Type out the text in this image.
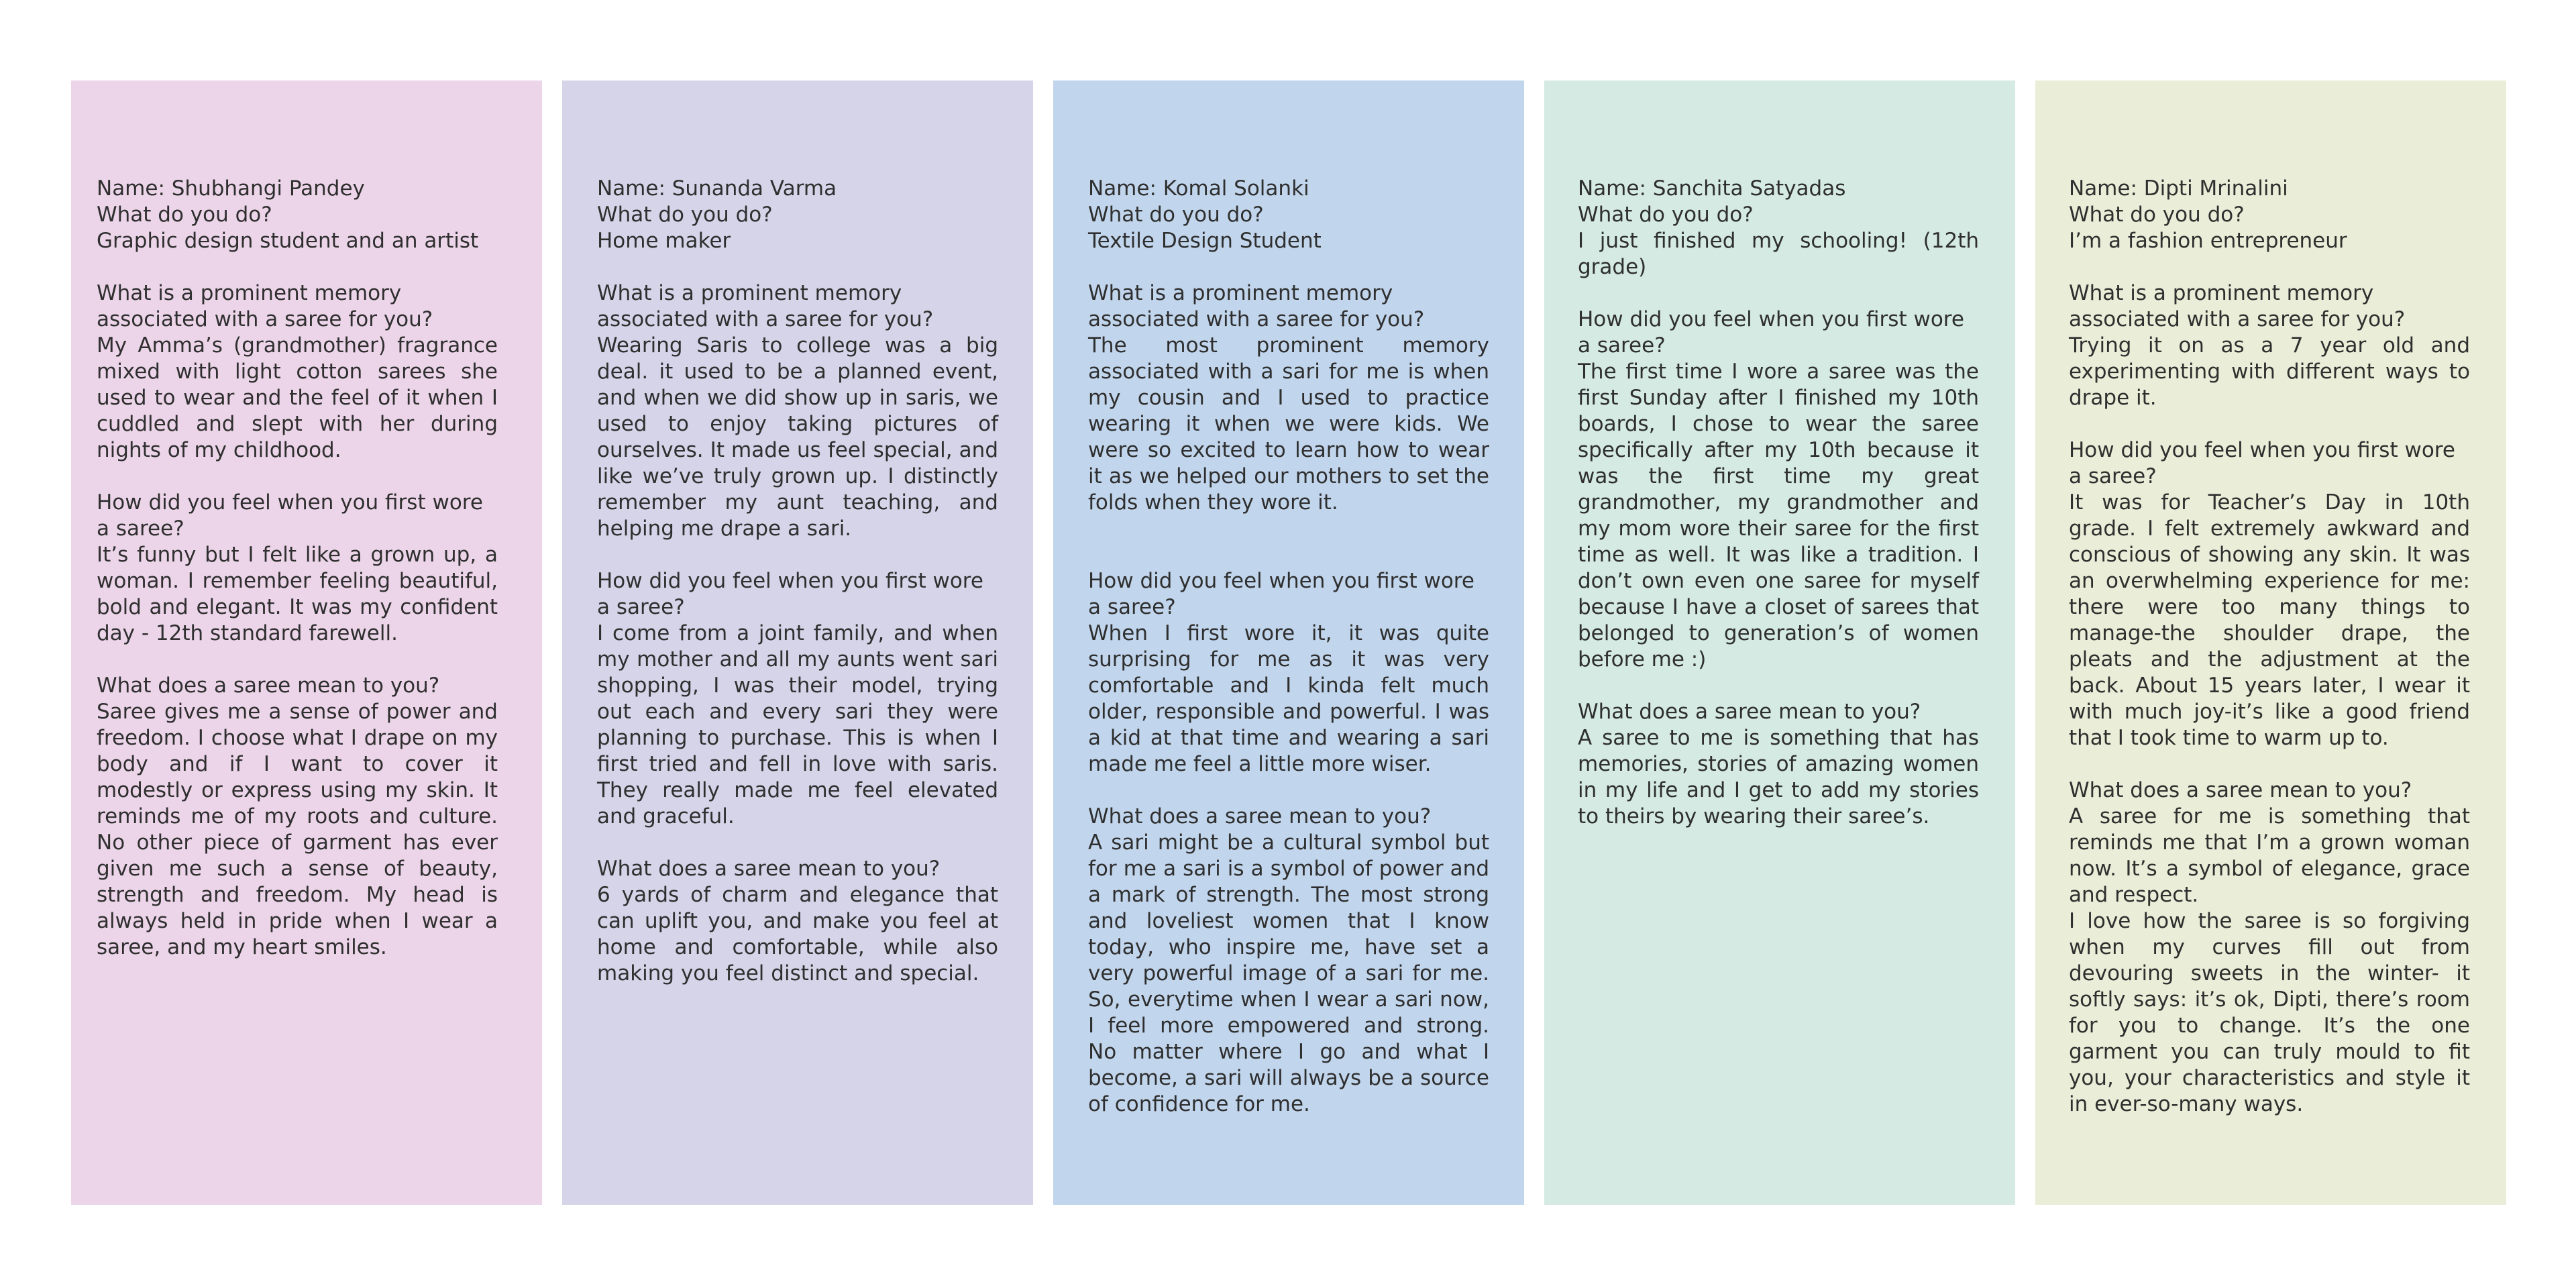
Name: Shubhangi Pandey

What do you do?

Graphic design student and an artist

What is a prominent memory associated with a saree for you?

My Amma’s (grandmother) fragrance mixed with light cotton sarees she used to wear and the feel of it when I cuddled and slept with her during nights of my childhood.

How did you feel when you first wore a saree?

It’s funny but I felt like a grown up, a woman. I remember feeling beautiful, bold and elegant. It was my confident day - 12th standard farewell.

What does a saree mean to you?

Saree gives me a sense of power and freedom. I choose what I drape on my body and if I want to cover it modestly or express using my skin. It reminds me of my roots and culture. No other piece of garment has ever given me such a sense of beauty, strength and freedom. My head is always held in pride when I wear a saree, and my heart smiles.

Name: Sunanda Varma

What do you do?

Home maker

What is a prominent memory associated with a saree for you?

Wearing Saris to college was a big deal. it used to be a planned event, and when we did show up in saris, we used to enjoy taking pictures of ourselves. It made us feel special, and like we’ve truly grown up. I distinctly remember my aunt teaching, and helping me drape a sari.

How did you feel when you first wore a saree?

I come from a joint family, and when my mother and all my aunts went sari shopping, I was their model, trying out each and every sari they were planning to purchase. This is when I first tried and fell in love with saris. They really made me feel elevated and graceful.

What does a saree mean to you?

6 yards of charm and elegance that can uplift you, and make you feel at home and comfortable, while also making you feel distinct and special.

Name: Komal Solanki

What do you do?

Textile Design Student

What is a prominent memory associated with a saree for you?

The most prominent memory associated with a sari for me is when my cousin and I used to practice wearing it when we were kids. We were so excited to learn how to wear it as we helped our mothers to set the folds when they wore it.

How did you feel when you first wore a saree?

When I first wore it, it was quite surprising for me as it was very comfortable and I kinda felt much older, responsible and powerful. I was a kid at that time and wearing a sari made me feel a little more wiser.

What does a saree mean to you?

A sari might be a cultural symbol but for me a sari is a symbol of power and a mark of strength. The most strong and loveliest women that I know today, who inspire me, have set a very powerful image of a sari for me. So, everytime when I wear a sari now, I feel more empowered and strong. No matter where I go and what I become, a sari will always be a source of confidence for me.

Name: Sanchita Satyadas

What do you do?

I just finished my schooling! (12th grade)

How did you feel when you first wore a saree?

The first time I wore a saree was the first Sunday after I finished my 10th boards, I chose to wear the saree specifically after my 10th because it was the first time my great grandmother, my grandmother and my mom wore their saree for the first time as well. It was like a tradition. I don’t own even one saree for myself because I have a closet of sarees that belonged to generation’s of women before me :)

What does a saree mean to you?

A saree to me is something that has memories, stories of amazing women in my life and I get to add my stories to theirs by wearing their saree’s.

Name: Dipti Mrinalini

What do you do?

I’m a fashion entrepreneur

What is a prominent memory associated with a saree for you?

Trying it on as a 7 year old and experimenting with different ways to drape it.

How did you feel when you first wore a saree?

It was for Teacher’s Day in 10th grade. I felt extremely awkward and conscious of showing any skin. It was an overwhelming experience for me: there were too many things to manage-the shoulder drape, the pleats and the adjustment at the back. About 15 years later, I wear it with much joy-it’s like a good friend that I took time to warm up to.

What does a saree mean to you?

A saree for me is something that reminds me that I’m a grown woman now. It’s a symbol of elegance, grace and respect.

I love how the saree is so forgiving when my curves fill out from devouring sweets in the winter- it softly says: it’s ok, Dipti, there’s room for you to change. It’s the one garment you can truly mould to fit you, your characteristics and style it in ever-so-many ways.
